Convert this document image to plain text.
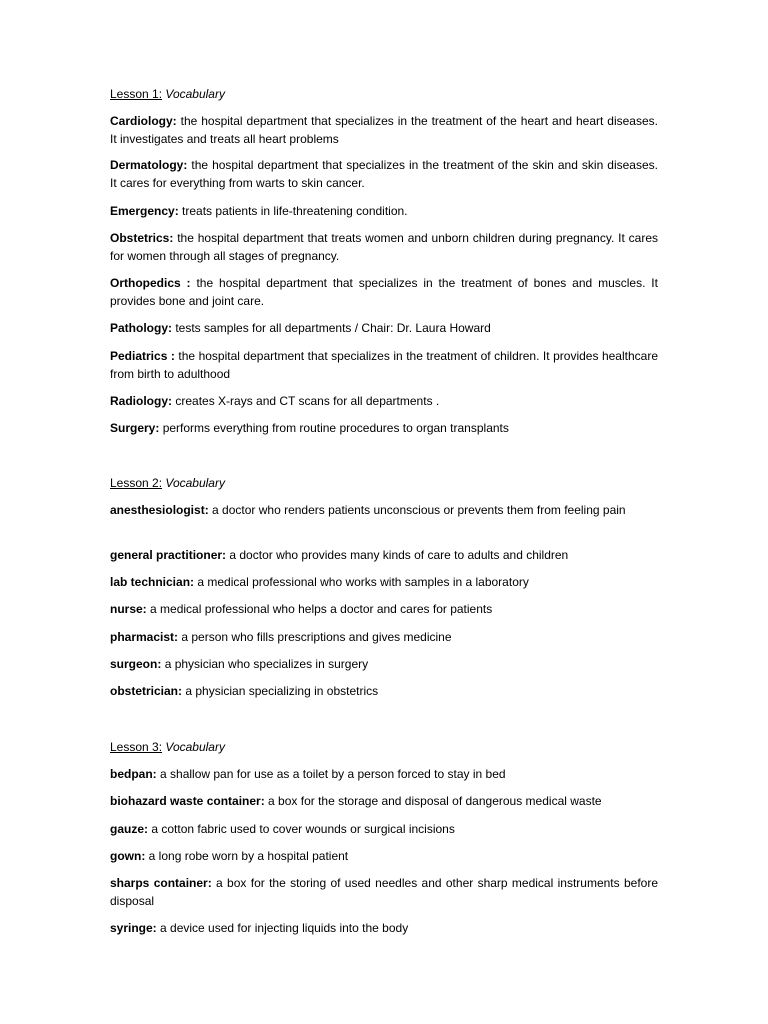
Lesson 1: Vocabulary
Cardiology: the hospital department that specializes in the treatment of the heart and heart diseases. It investigates and treats all heart problems
Dermatology: the hospital department that specializes in the treatment of the skin and skin diseases. It cares for everything from warts to skin cancer.
Emergency: treats patients in life-threatening condition.
Obstetrics: the hospital department that treats women and unborn children during pregnancy. It cares for women through all stages of pregnancy.
Orthopedics : the hospital department that specializes in the treatment of bones and muscles. It provides bone and joint care.
Pathology: tests samples for all departments / Chair: Dr. Laura Howard
Pediatrics : the hospital department that specializes in the treatment of children. It provides healthcare from birth to adulthood
Radiology: creates X-rays and CT scans for all departments .
Surgery: performs everything from routine procedures to organ transplants
Lesson 2: Vocabulary
anesthesiologist: a doctor who renders patients unconscious or prevents them from feeling pain
general practitioner: a doctor who provides many kinds of care to adults and children
lab technician: a medical professional who works with samples in a laboratory
nurse: a medical professional who helps a doctor and cares for patients
pharmacist: a person who fills prescriptions and gives medicine
surgeon: a physician who specializes in surgery
obstetrician: a physician specializing in obstetrics
Lesson 3: Vocabulary
bedpan: a shallow pan for use as a toilet by a person forced to stay in bed
biohazard waste container: a box for the storage and disposal of dangerous medical waste
gauze: a cotton fabric used to cover wounds or surgical incisions
gown: a long robe worn by a hospital patient
sharps container: a box for the storing of used needles and other sharp medical instruments before disposal
syringe: a device used for injecting liquids into the body
